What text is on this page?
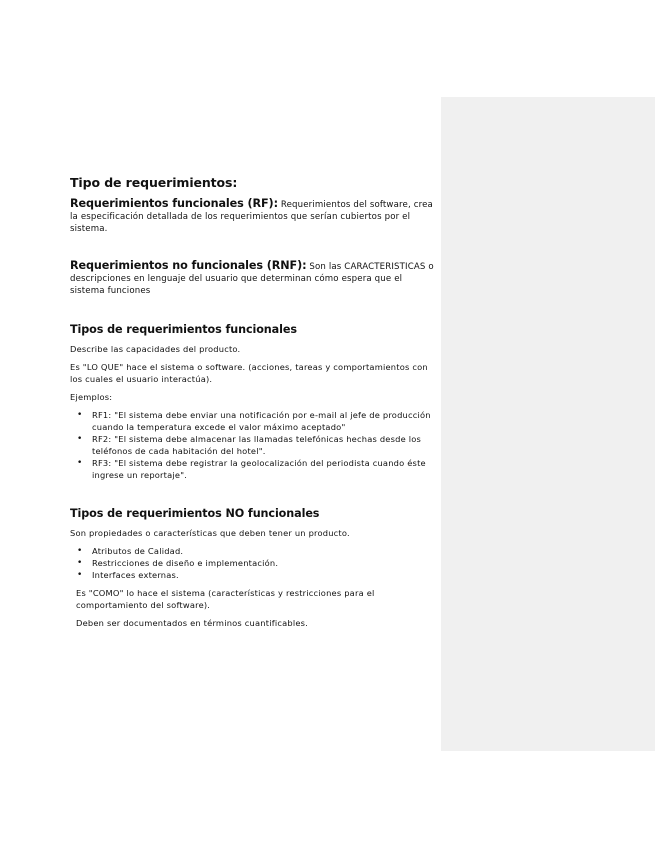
Tipo de requerimientos:

Requerimientos funcionales (RF): Requerimientos del software, crea la especificación detallada de los requerimientos que serían cubiertos por el sistema.

Requerimientos no funcionales (RNF): Son las CARACTERISTICAS o descripciones en lenguaje del usuario que determinan cómo espera que el sistema funciones

Tipos de requerimientos funcionales

Describe las capacidades del producto.

Es "LO QUE" hace el sistema o software. (acciones, tareas y comportamientos con los cuales el usuario interactúa).

Ejemplos:

• RF1: "El sistema debe enviar una notificación por e-mail al jefe de producción cuando la temperatura excede el valor máximo aceptado"
• RF2: "El sistema debe almacenar las llamadas telefónicas hechas desde los teléfonos de cada habitación del hotel".
• RF3: "El sistema debe registrar la geolocalización del periodista cuando éste ingrese un reportaje".
Tipos de requerimientos NO funcionales

Son propiedades o características que deben tener un producto.

• Atributos de Calidad.
• Restricciones de diseño e implementación.
• Interfaces externas.

Es "COMO" lo hace el sistema (características y restricciones para el comportamiento del software).

Deben ser documentados en términos cuantificables.
